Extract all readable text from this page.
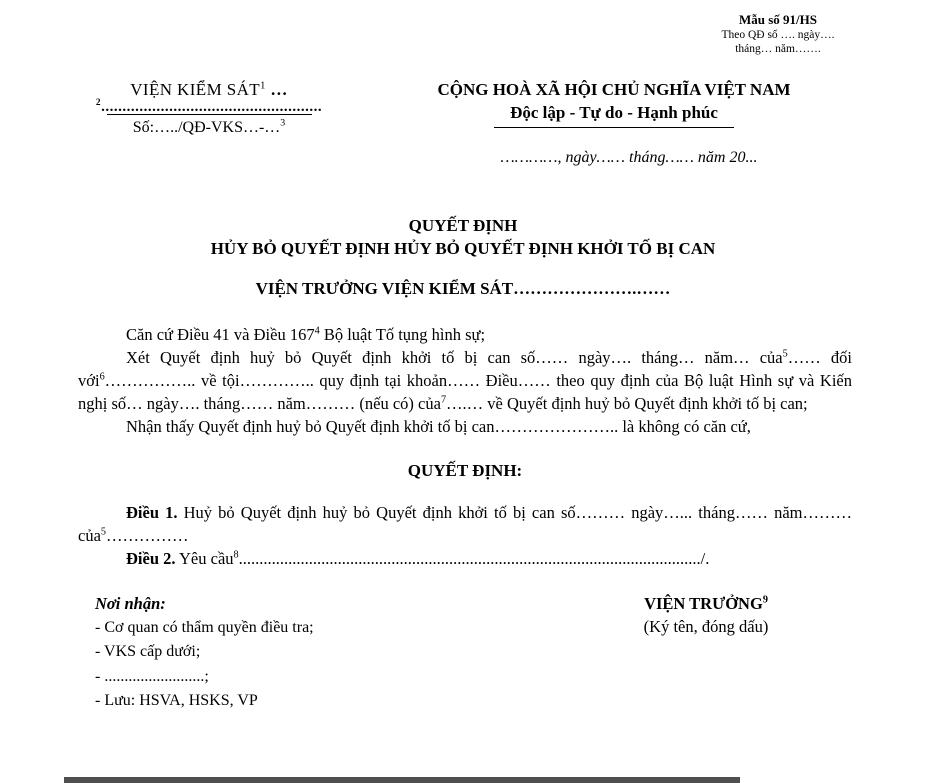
Mẫu số 91/HS
Theo QĐ số …. ngày….
tháng… năm…….
VIỆN KIỂM SÁT$^1$ …
$^2$....................................................
Số:…../QĐ-VKS…-…$^3$
CỘNG HOÀ XÃ HỘI CHỦ NGHĨA VIỆT NAM
Độc lập - Tự do - Hạnh phúc
…………, ngày…… tháng…… năm 20...
QUYẾT ĐỊNH
HỦY BỎ QUYẾT ĐỊNH HỦY BỎ QUYẾT ĐỊNH KHỞI TỐ BỊ CAN
VIỆN TRƯỞNG VIỆN KIỂM SÁT………………….……

Căn cứ Điều 41 và Điều $167^4$ Bộ luật Tố tụng hình sự;

Xét Quyết định huỷ bỏ Quyết định khởi tố bị can số…… ngày…. tháng… năm… của$^5$…… đối với$^6$…………….. về tội………….. quy định tại khoản…… Điều…… theo quy định của Bộ luật Hình sự và Kiến nghị số… ngày…. tháng…… năm……… (nếu có) của$^7$….… về Quyết định huỷ bỏ Quyết định khởi tố bị can;

Nhận thấy Quyết định huỷ bỏ Quyết định khởi tố bị can………………….. là không có căn cứ,

QUYẾT ĐỊNH:

Điều 1. Huỷ bỏ Quyết định huỷ bỏ Quyết định khởi tố bị can số……… ngày…... tháng…… năm……… của$^5$……………

Điều 2. Yêu cầu$^8$................................................................................................................/.

Nơi nhận:
- Cơ quan có thẩm quyền điều tra;
- VKS cấp dưới;
- .........................;
- Lưu: HSVA, HSKS, VP
VIỆN TRƯỞNG$^9$
(Ký tên, đóng dấu)
